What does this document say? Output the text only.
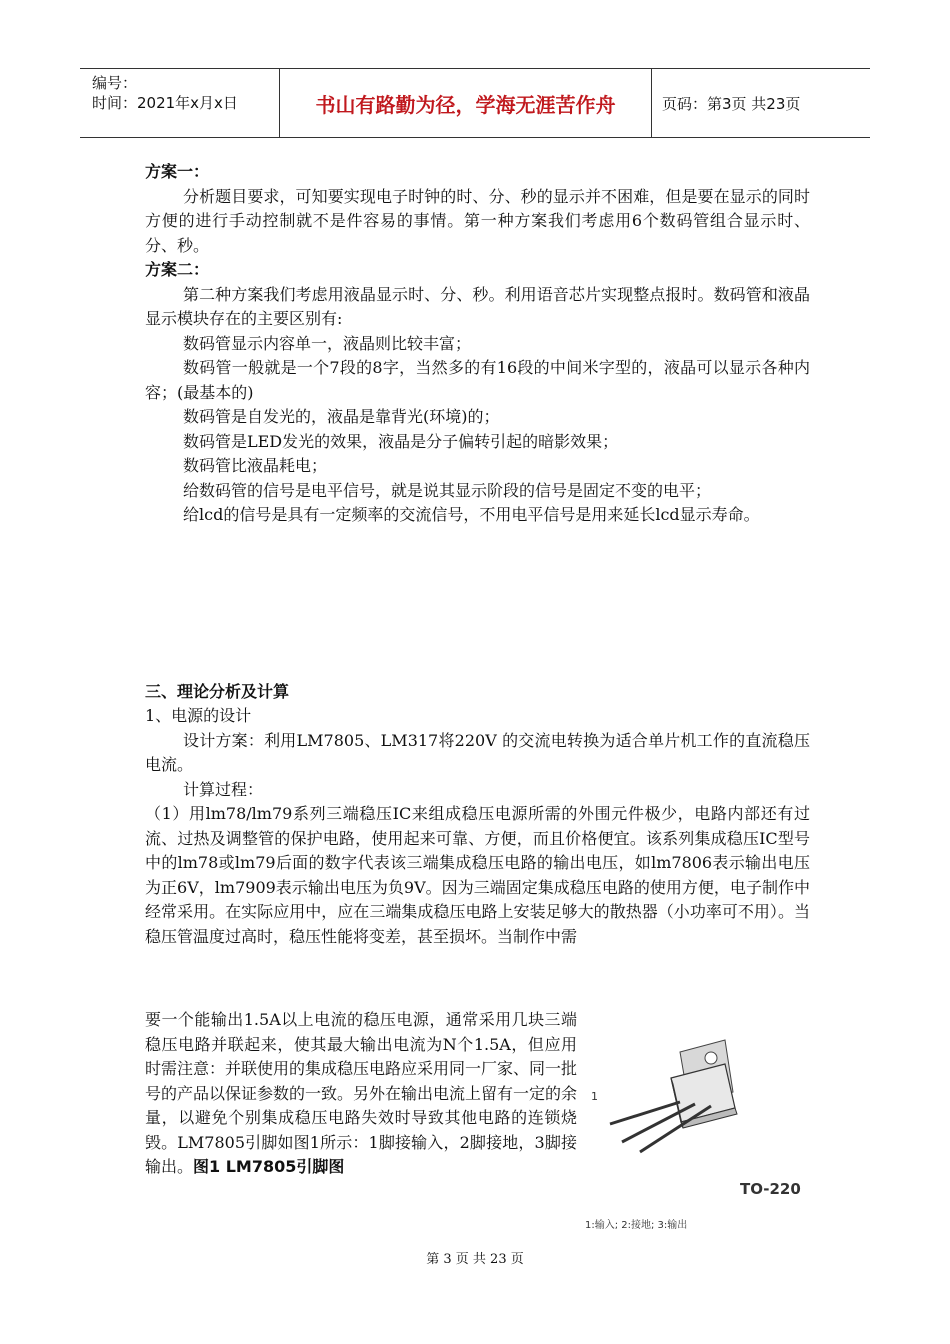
编号：
时间：2021年x月x日	书山有路勤为径，学海无涯苦作舟	页码：第3页 共23页

方案一：

分析题目要求，可知要实现电子时钟的时、分、秒的显示并不困难，但是要在显示的同时方便的进行手动控制就不是件容易的事情。第一种方案我们考虑用6个数码管组合显示时、分、秒。

方案二：

第二种方案我们考虑用液晶显示时、分、秒。利用语音芯片实现整点报时。数码管和液晶显示模块存在的主要区别有:

数码管显示内容单一，液晶则比较丰富；

数码管一般就是一个7段的8字，当然多的有16段的中间米字型的，液晶可以显示各种内容；(最基本的)

数码管是自发光的，液晶是靠背光(环境)的；

数码管是LED发光的效果，液晶是分子偏转引起的暗影效果；

数码管比液晶耗电；

给数码管的信号是电平信号，就是说其显示阶段的信号是固定不变的电平；

给lcd的信号是具有一定频率的交流信号，不用电平信号是用来延长lcd显示寿命。

三、理论分析及计算

1、电源的设计

设计方案：利用LM7805、LM317将220V 的交流电转换为适合单片机工作的直流稳压电流。

计算过程：

（1）用lm78/lm79系列三端稳压IC来组成稳压电源所需的外围元件极少，电路内部还有过流、过热及调整管的保护电路，使用起来可靠、方便，而且价格便宜。该系列集成稳压IC型号中的lm78或lm79后面的数字代表该三端集成稳压电路的输出电压，如lm7806表示输出电压为正6V，lm7909表示输出电压为负9V。因为三端固定集成稳压电路的使用方便，电子制作中经常采用。在实际应用中，应在三端集成稳压电路上安装足够大的散热器（小功率可不用）。当稳压管温度过高时，稳压性能将变差，甚至损坏。当制作中需

要一个能输出1.5A以上电流的稳压电源，通常采用几块三端稳压电路并联起来，使其最大输出电流为N个1.5A，但应用时需注意：并联使用的集成稳压电路应采用同一厂家、同一批号的产品以保证参数的一致。另外在输出电流上留有一定的余量，以避免个别集成稳压电路失效时导致其他电路的连锁烧毁。LM7805引脚如图1所示：1脚接输入，2脚接地，3脚接输出。图1 LM7805引脚图

1
TO-220
1:输入; 2:接地; 3:输出
第 3 页 共 23 页
